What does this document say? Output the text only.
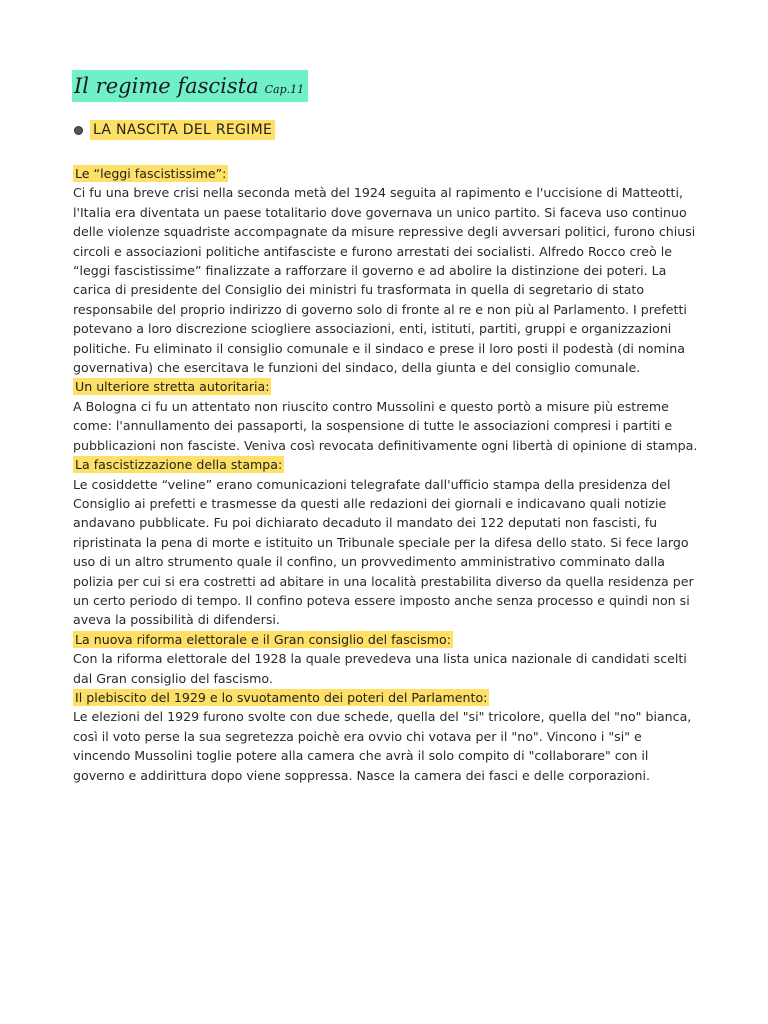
Il regime fascista Cap.11
LA NASCITA DEL REGIME
Le “leggi fascistissime”:

Ci fu una breve crisi nella seconda metà del 1924 seguita al rapimento e l'uccisione di Matteotti, l'Italia era diventata un paese totalitario dove governava un unico partito. Si faceva uso continuo delle violenze squadriste accompagnate da misure repressive degli avversari politici, furono chiusi circoli e associazioni politiche antifasciste e furono arrestati dei socialisti. Alfredo Rocco creò le “leggi fascistissime” finalizzate a rafforzare il governo e ad abolire la distinzione dei poteri. La carica di presidente del Consiglio dei ministri fu trasformata in quella di segretario di stato responsabile del proprio indirizzo di governo solo di fronte al re e non più al Parlamento. I prefetti potevano a loro discrezione sciogliere associazioni, enti, istituti, partiti, gruppi e organizzazioni politiche. Fu eliminato il consiglio comunale e il sindaco e prese il loro posti il podestà (di nomina governativa) che esercitava le funzioni del sindaco, della giunta e del consiglio comunale.

Un ulteriore stretta autoritaria:

A Bologna ci fu un attentato non riuscito contro Mussolini e questo portò a misure più estreme come: l'annullamento dei passaporti, la sospensione di tutte le associazioni compresi i partiti e pubblicazioni non fasciste. Veniva così revocata definitivamente ogni libertà di opinione di stampa.

La fascistizzazione della stampa:

Le cosiddette “veline” erano comunicazioni telegrafate dall'ufficio stampa della presidenza del Consiglio ai prefetti e trasmesse da questi alle redazioni dei giornali e indicavano quali notizie andavano pubblicate. Fu poi dichiarato decaduto il mandato dei 122 deputati non fascisti, fu ripristinata la pena di morte e istituito un Tribunale speciale per la difesa dello stato. Si fece largo uso di un altro strumento quale il confino, un provvedimento amministrativo comminato dalla polizia per cui si era costretti ad abitare in una località prestabilita diverso da quella residenza per un certo periodo di tempo. Il confino poteva essere imposto anche senza processo e quindi non si aveva la possibilità di difendersi.

La nuova riforma elettorale e il Gran consiglio del fascismo:

Con la riforma elettorale del 1928 la quale prevedeva una lista unica nazionale di candidati scelti dal Gran consiglio del fascismo.

Il plebiscito del 1929 e lo svuotamento dei poteri del Parlamento:

Le elezioni del 1929 furono svolte con due schede, quella del "si" tricolore, quella del "no" bianca, così il voto perse la sua segretezza poichè era ovvio chi votava per il "no". Vincono i "si" e vincendo Mussolini toglie potere alla camera che avrà il solo compito di "collaborare" con il governo e addirittura dopo viene soppressa. Nasce la camera dei fasci e delle corporazioni.
